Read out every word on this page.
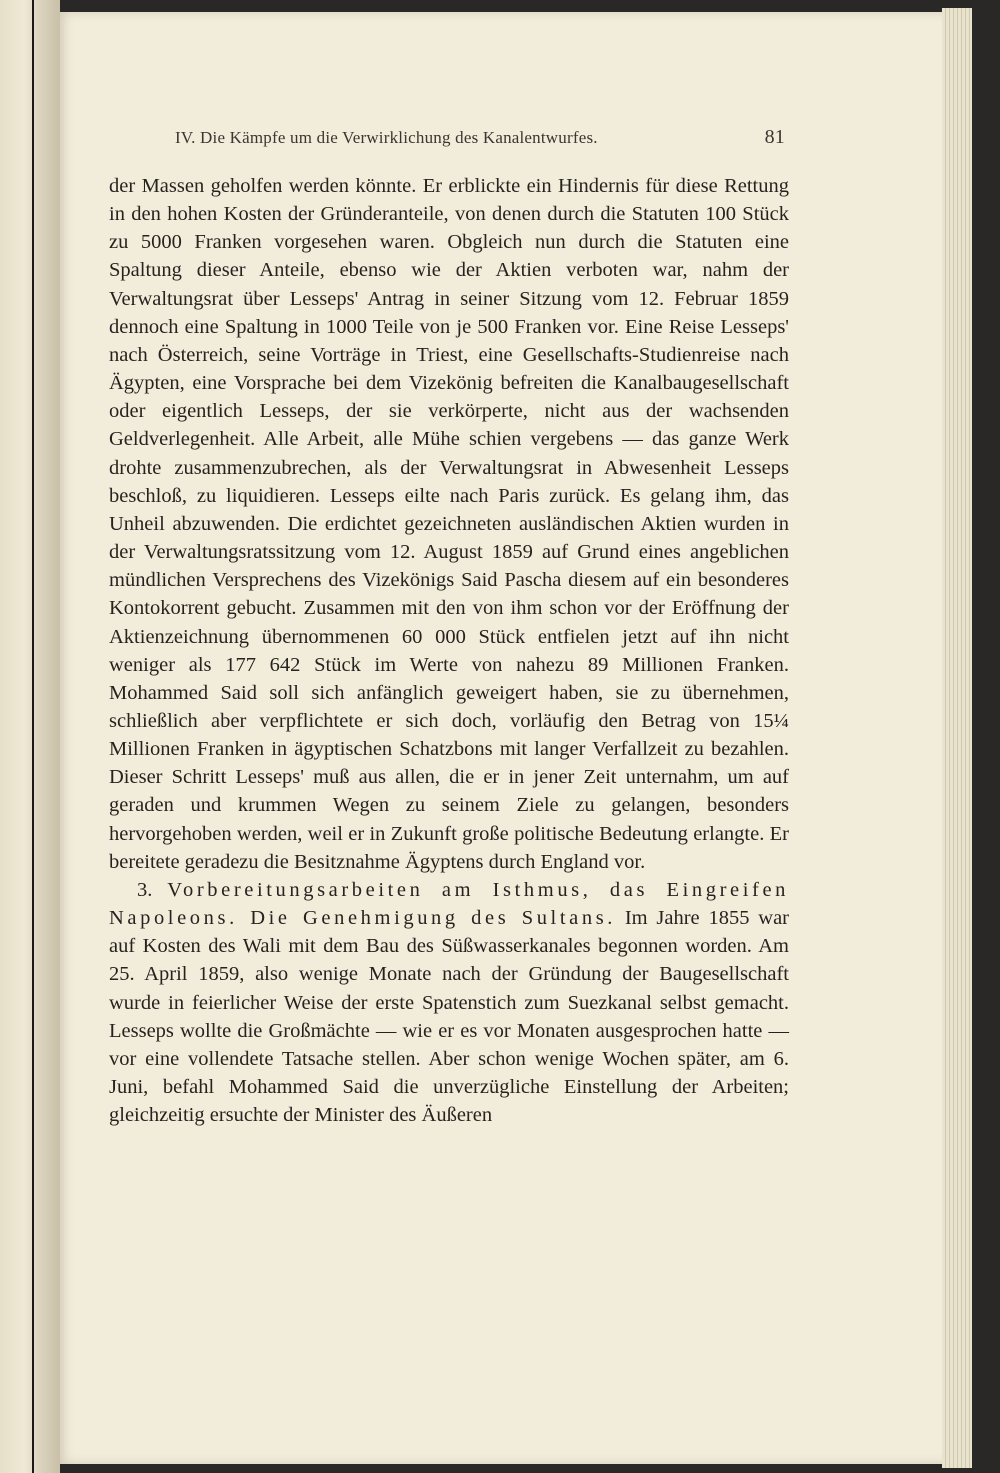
IV. Die Kämpfe um die Verwirklichung des Kanalentwurfes.	81

der Massen geholfen werden könnte. Er erblickte ein Hindernis für diese Rettung in den hohen Kosten der Gründeranteile, von denen durch die Statuten 100 Stück zu 5000 Franken vorgesehen waren. Obgleich nun durch die Statuten eine Spaltung dieser Anteile, ebenso wie der Aktien verboten war, nahm der Verwaltungsrat über Lesseps' Antrag in seiner Sitzung vom 12. Februar 1859 dennoch eine Spaltung in 1000 Teile von je 500 Franken vor. Eine Reise Lesseps' nach Österreich, seine Vorträge in Triest, eine Gesellschafts-Studienreise nach Ägypten, eine Vorsprache bei dem Vizekönig befreiten die Kanalbaugesellschaft oder eigentlich Lesseps, der sie verkörperte, nicht aus der wachsenden Geldverlegenheit. Alle Arbeit, alle Mühe schien vergebens — das ganze Werk drohte zusammenzubrechen, als der Verwaltungsrat in Abwesenheit Lesseps beschloß, zu liquidieren. Lesseps eilte nach Paris zurück. Es gelang ihm, das Unheil abzuwenden. Die erdichtet gezeichneten ausländischen Aktien wurden in der Verwaltungsratssitzung vom 12. August 1859 auf Grund eines angeblichen mündlichen Versprechens des Vizekönigs Said Pascha diesem auf ein besonderes Kontokorrent gebucht. Zusammen mit den von ihm schon vor der Eröffnung der Aktienzeichnung übernommenen 60 000 Stück entfielen jetzt auf ihn nicht weniger als 177 642 Stück im Werte von nahezu 89 Millionen Franken. Mohammed Said soll sich anfänglich geweigert haben, sie zu übernehmen, schließlich aber verpflichtete er sich doch, vorläufig den Betrag von 15¼ Millionen Franken in ägyptischen Schatzbons mit langer Verfallzeit zu bezahlen. Dieser Schritt Lesseps' muß aus allen, die er in jener Zeit unternahm, um auf geraden und krummen Wegen zu seinem Ziele zu gelangen, besonders hervorgehoben werden, weil er in Zukunft große politische Bedeutung erlangte. Er bereitete geradezu die Besitznahme Ägyptens durch England vor.

3. Vorbereitungsarbeiten am Isthmus, das Eingreifen Napoleons. Die Genehmigung des Sultans. Im Jahre 1855 war auf Kosten des Wali mit dem Bau des Süßwasserkanales begonnen worden. Am 25. April 1859, also wenige Monate nach der Gründung der Baugesellschaft wurde in feierlicher Weise der erste Spatenstich zum Suezkanal selbst gemacht. Lesseps wollte die Großmächte — wie er es vor Monaten ausgesprochen hatte — vor eine vollendete Tatsache stellen. Aber schon wenige Wochen später, am 6. Juni, befahl Mohammed Said die unverzügliche Einstellung der Arbeiten; gleichzeitig ersuchte der Minister des Äußeren
